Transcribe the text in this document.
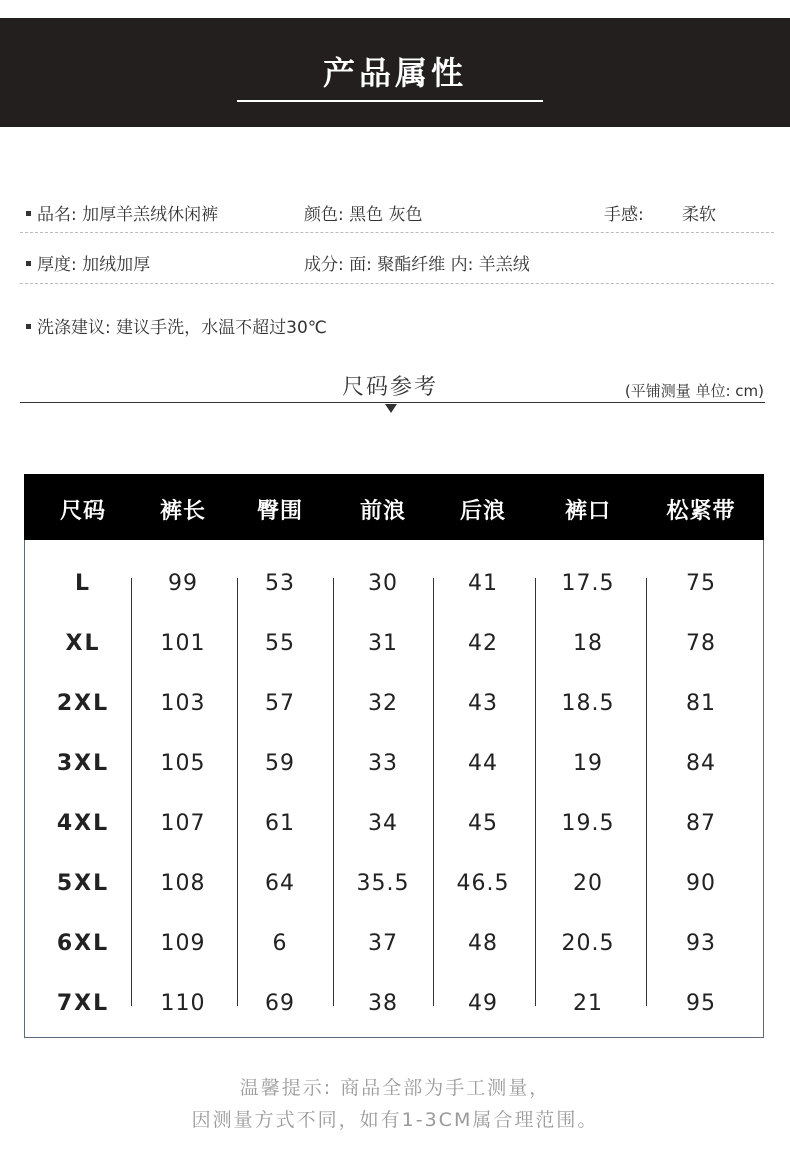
产品属性
品名: 加厚羊羔绒休闲裤	颜色: 黑色 灰色	手感: 柔软
厚度: 加绒加厚	成分: 面: 聚酯纤维 内: 羊羔绒
洗涤建议: 建议手洗，水温不超过30℃
尺码参考	(平铺测量 单位: cm)
尺码	裤长	臀围	前浪	后浪	裤口	松紧带
L	99	53	30	41	17.5	75
XL	101	55	31	42	18	78
2XL	103	57	32	43	18.5	81
3XL	105	59	33	44	19	84
4XL	107	61	34	45	19.5	87
5XL	108	64	35.5	46.5	20	90
6XL	109	6	37	48	20.5	93
7XL	110	69	38	49	21	95
温馨提示: 商品全部为手工测量，
因测量方式不同，如有1-3CM属合理范围。
